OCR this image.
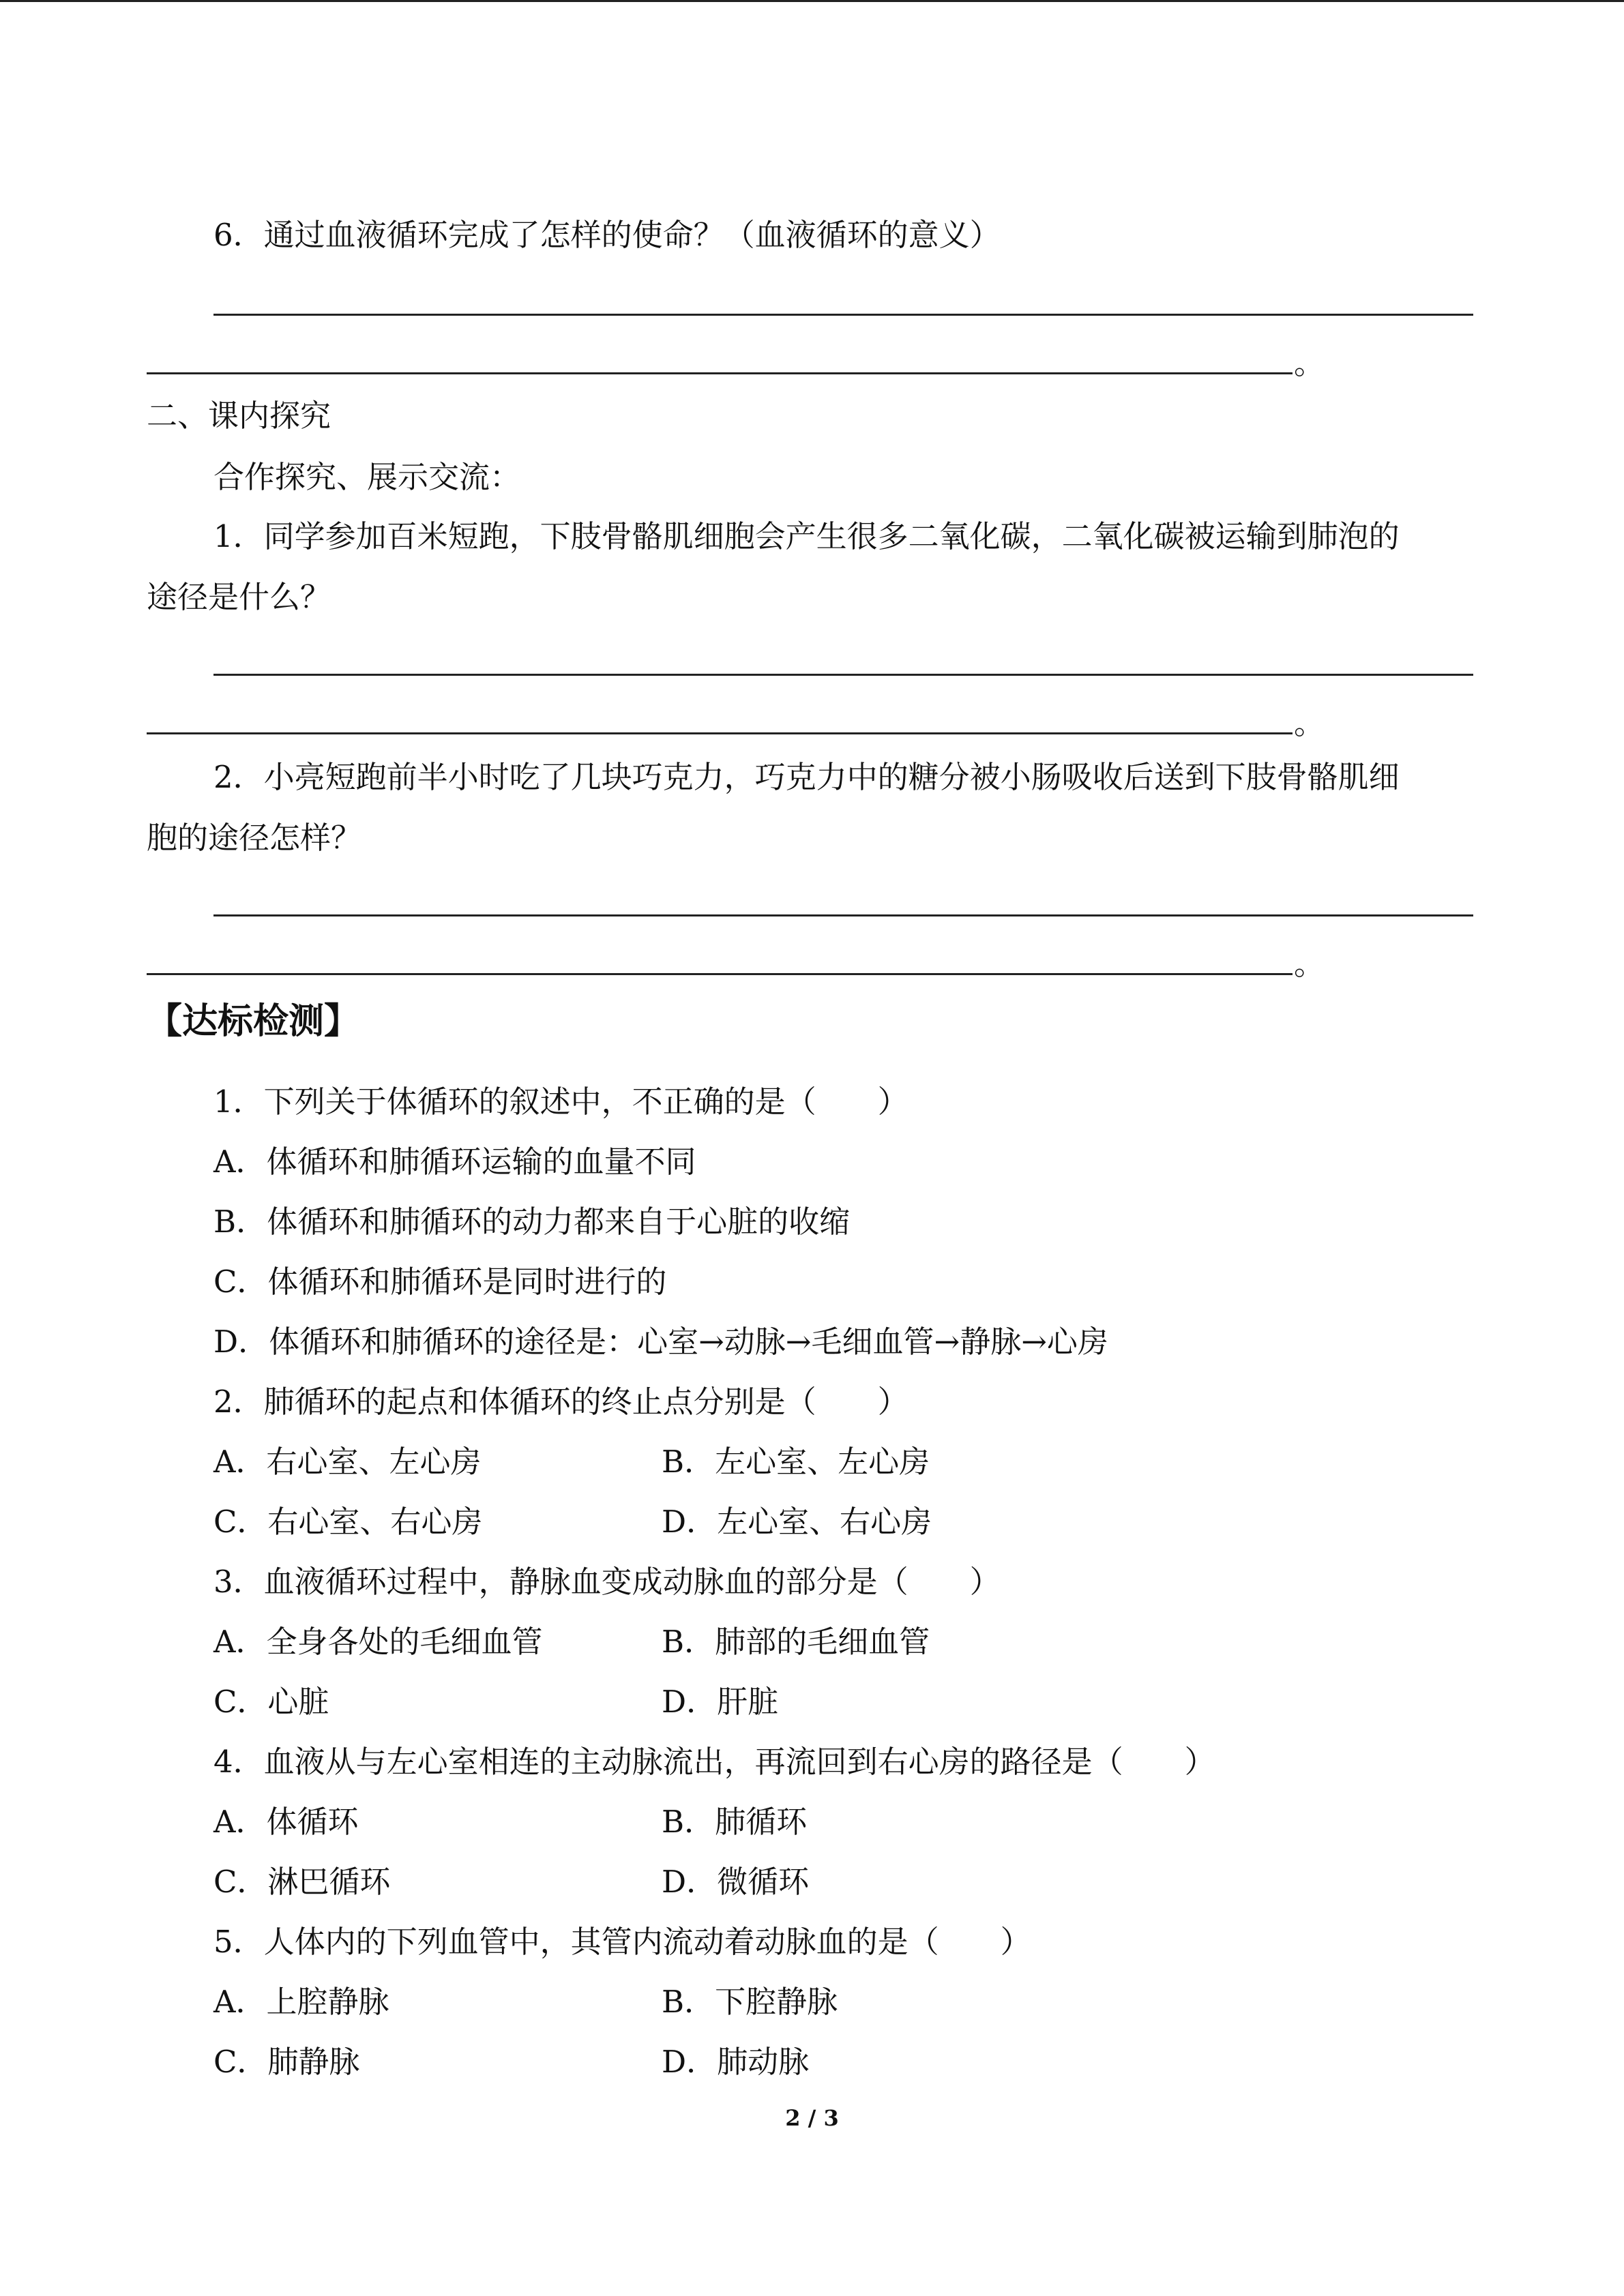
6．通过血液循环完成了怎样的使命？（血液循环的意义）
。
二、课内探究
合作探究、展示交流：
1．同学参加百米短跑，下肢骨骼肌细胞会产生很多二氧化碳，二氧化碳被运输到肺泡的
途径是什么？
。
2．小亮短跑前半小时吃了几块巧克力，巧克力中的糖分被小肠吸收后送到下肢骨骼肌细
胞的途径怎样？
。
【达标检测】
1．下列关于体循环的叙述中，不正确的是（　　）
A．体循环和肺循环运输的血量不同
B．体循环和肺循环的动力都来自于心脏的收缩
C．体循环和肺循环是同时进行的
D．体循环和肺循环的途径是：心室→动脉→毛细血管→静脉→心房
2．肺循环的起点和体循环的终止点分别是（　　）
A．右心室、左心房	B．左心室、左心房
C．右心室、右心房	D．左心室、右心房
3．血液循环过程中，静脉血变成动脉血的部分是（　　）
A．全身各处的毛细血管	B．肺部的毛细血管
C．心脏	D．肝脏
4．血液从与左心室相连的主动脉流出，再流回到右心房的路径是（　　）
A．体循环	B．肺循环
C．淋巴循环	D．微循环
5．人体内的下列血管中，其管内流动着动脉血的是（　　）
A．上腔静脉	B．下腔静脉
C．肺静脉	D．肺动脉
2 / 3
